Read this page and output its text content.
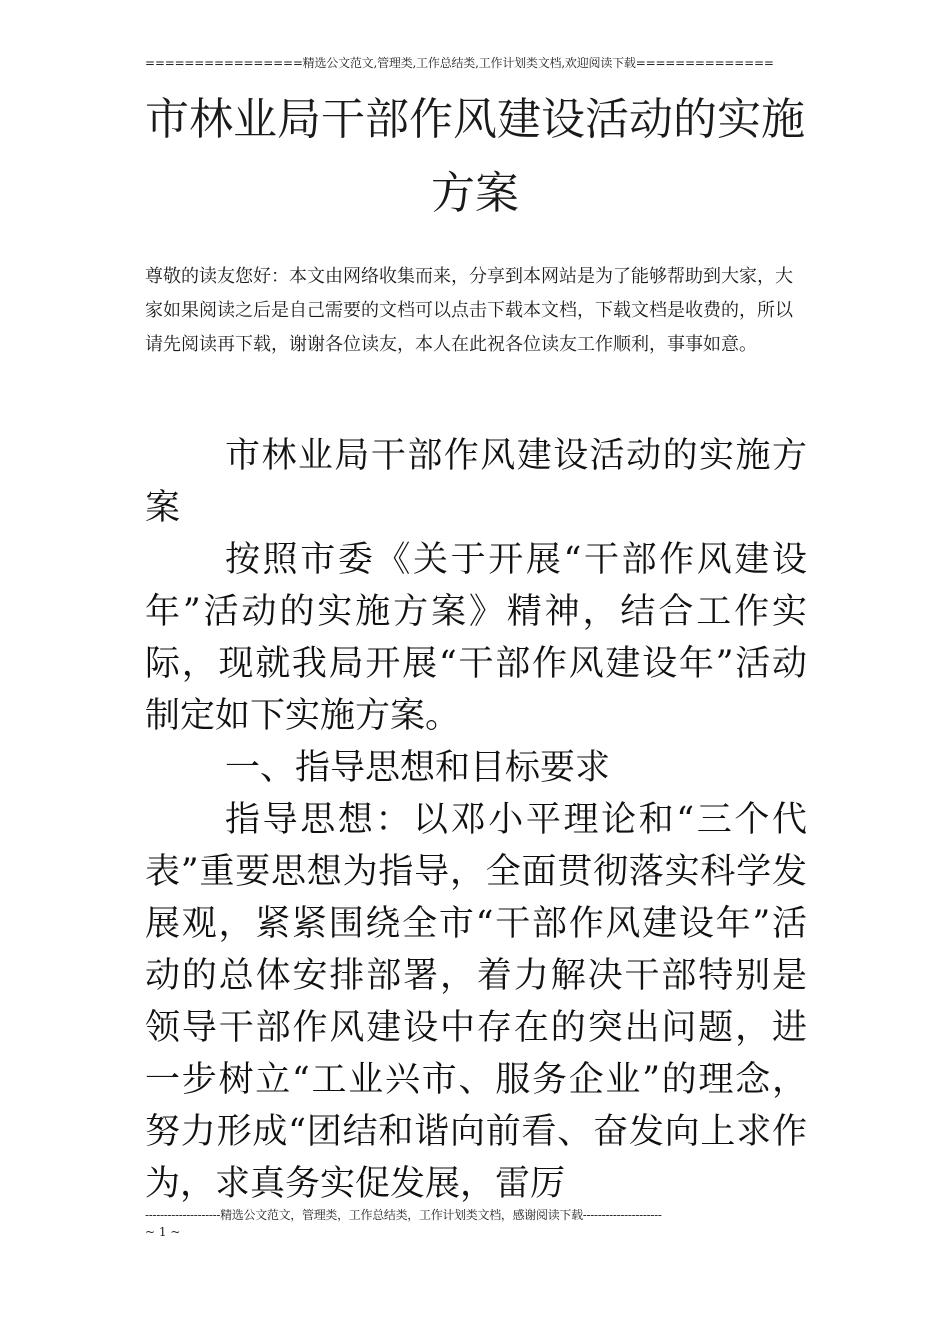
================精选公文范文,管理类,工作总结类,工作计划类文档,欢迎阅读下载==============
市林业局干部作风建设活动的实施
方案
尊敬的读友您好：本文由网络收集而来，分享到本网站是为了能够帮助到大家，大家如果阅读之后是自己需要的文档可以点击下载本文档，下载文档是收费的，所以请先阅读再下载，谢谢各位读友，本人在此祝各位读友工作顺利，事事如意。

市林业局干部作风建设活动的实施方案

按照市委《关于开展“干部作风建设年”活动的实施方案》精神，结合工作实际，现就我局开展“干部作风建设年”活动制定如下实施方案。

一、指导思想和目标要求

指导思想：以邓小平理论和“三个代表”重要思想为指导，全面贯彻落实科学发展观，紧紧围绕全市“干部作风建设年”活动的总体安排部署，着力解决干部特别是领导干部作风建设中存在的突出问题，进一步树立“工业兴市、服务企业”的理念，努力形成“团结和谐向前看、奋发向上求作为，求真务实促发展，雷厉

--------------------精选公文范文，管理类，工作总结类，工作计划类文档，感谢阅读下载---------------------
~ 1 ~
